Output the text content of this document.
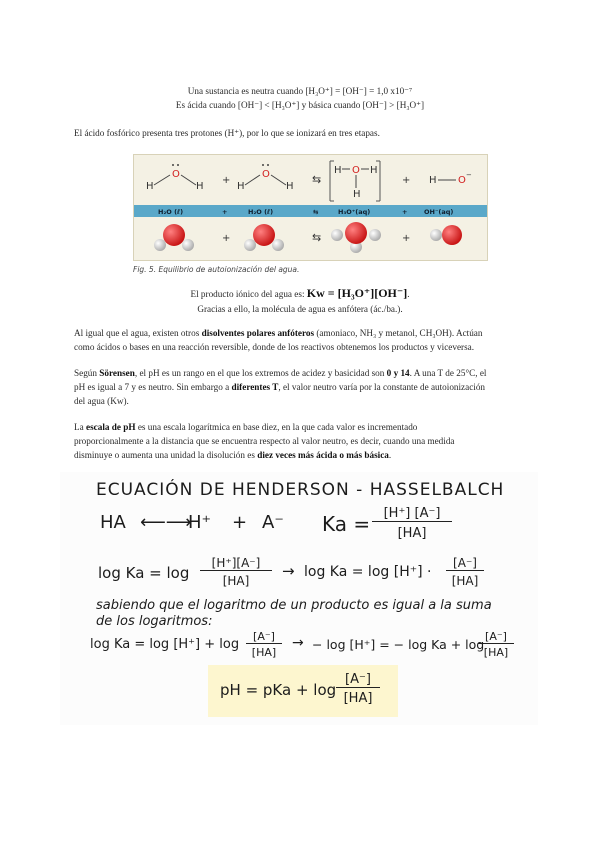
Una sustancia es neutra cuando [H₃O⁺] = [OH⁻] = 1,0 x10⁻⁷
Es ácida cuando [OH⁻] < [H₃O⁺] y básica cuando [OH⁻] > [H₃O⁺]
El ácido fosfórico presenta tres protones (H⁺), por lo que se ionizará en tres etapas.
H
O
H
+
H
O
H
⇆
H O H
H
+ H O −
H₂O (ℓ)	+	H₂O (ℓ)	⇆	H₃O⁺(aq)	+	OH⁻(aq)
+	⇆	+
Fig. 5. Equilibrio de autoionización del agua.
El producto iónico del agua es: Kw = [H₃O⁺][OH⁻].
Gracias a ello, la molécula de agua es anfótera (ác./ba.).
Al igual que el agua, existen otros disolventes polares anfóteros (amoniaco, NH₃ y metanol, CH₃OH). Actúan
como ácidos o bases en una reacción reversible, donde de los reactivos obtenemos los productos y viceversa.
Según Sörensen, el pH es un rango en el que los extremos de acidez y basicidad son 0 y 14. A una T de 25°C, el
pH es igual a 7 y es neutro. Sin embargo a diferentes T, el valor neutro varía por la constante de autoionización
del agua (Kw).
La escala de pH es una escala logarítmica en base diez, en la que cada valor es incrementado
proporcionalmente a la distancia que se encuentra respecto al valor neutro, es decir, cuando una medida
disminuye o aumenta una unidad la disolución es diez veces más ácida o más básica.
ECUACIÓN DE HENDERSON - HASSELBALCH
HA ⟵⟶
H⁺ + A⁻ Ka =	[H⁺] [A⁻]
[HA]
log Ka = log
[H⁺][A⁻]
[HA]
→ log Ka = log [H⁺] ·
[A⁻]
[HA]
sabiendo que el logaritmo de un producto es igual a la suma
de los logaritmos:
log Ka = log [H⁺] + log
[A⁻]
[HA]
→ − log [H⁺] = − log Ka + log
[A⁻]
[HA]
pH = pKa + log
[A⁻]
[HA]
